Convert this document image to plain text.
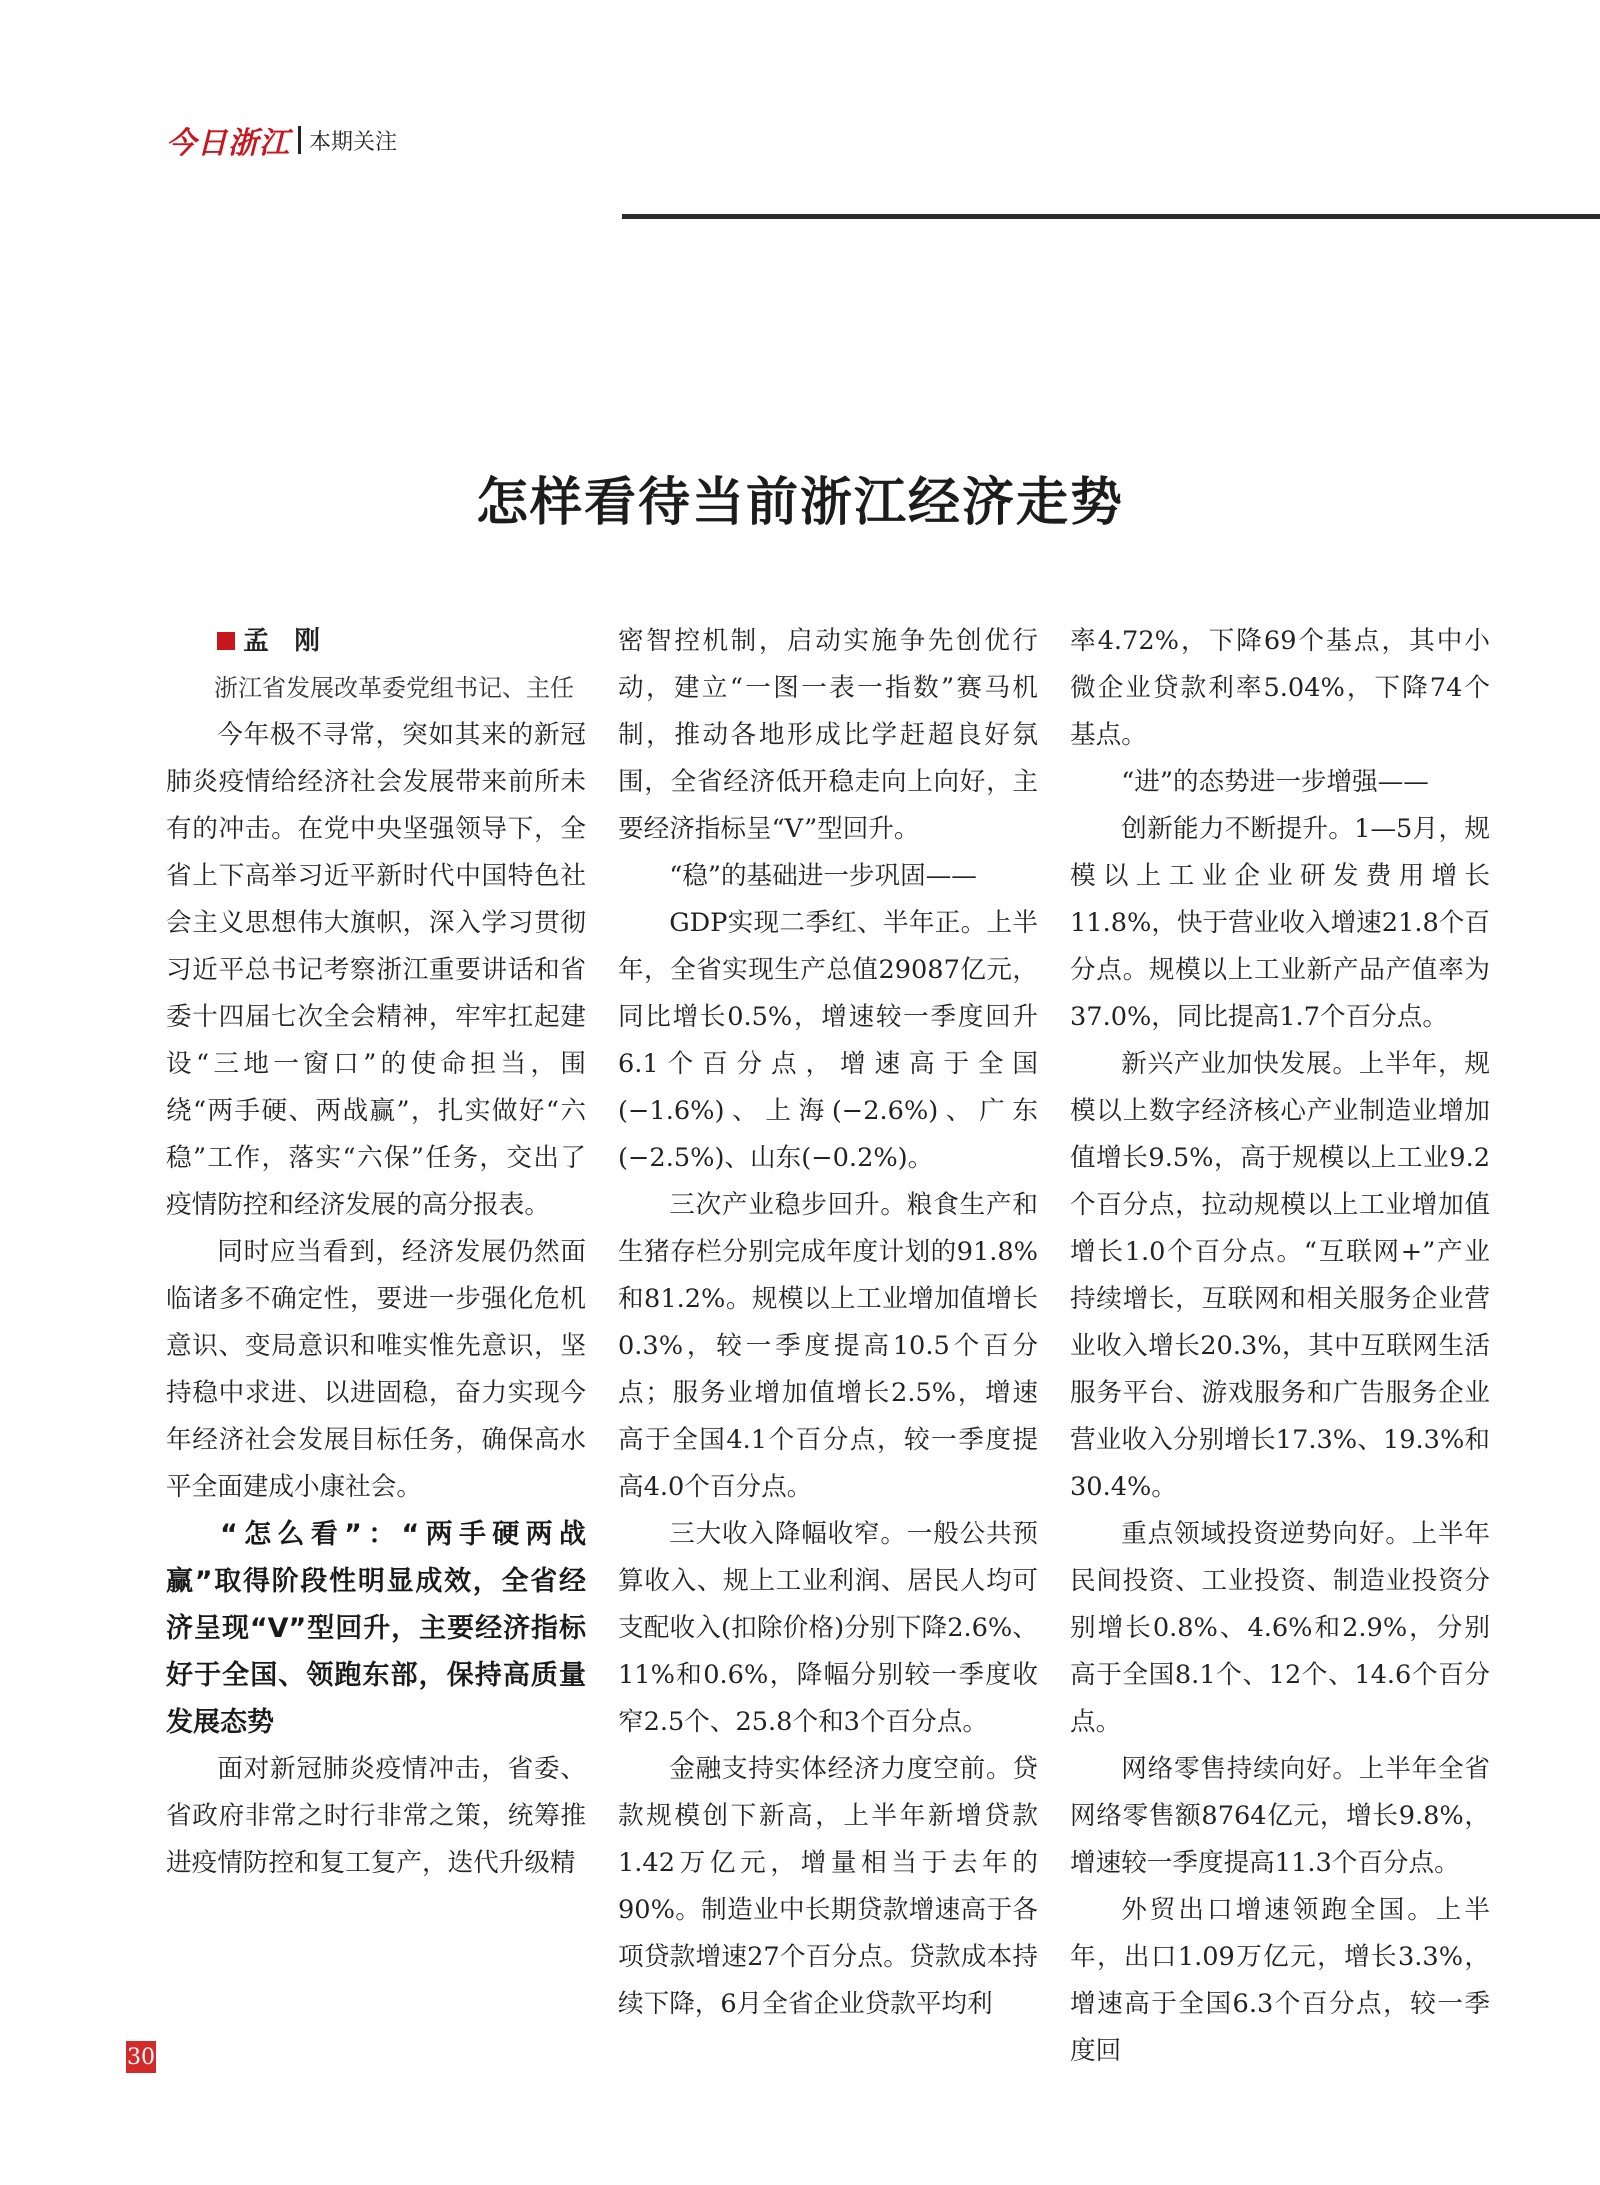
今日浙江 本期关注
怎样看待当前浙江经济走势

孟　刚

浙江省发展改革委党组书记、主任

今年极不寻常，突如其来的新冠肺炎疫情给经济社会发展带来前所未有的冲击。在党中央坚强领导下，全省上下高举习近平新时代中国特色社会主义思想伟大旗帜，深入学习贯彻习近平总书记考察浙江重要讲话和省委十四届七次全会精神，牢牢扛起建设“三地一窗口”的使命担当，围绕“两手硬、两战赢”，扎实做好“六稳”工作，落实“六保”任务，交出了疫情防控和经济发展的高分报表。

同时应当看到，经济发展仍然面临诸多不确定性，要进一步强化危机意识、变局意识和唯实惟先意识，坚持稳中求进、以进固稳，奋力实现今年经济社会发展目标任务，确保高水平全面建成小康社会。

“怎么看”：“两手硬两战赢”取得阶段性明显成效，全省经济呈现“V”型回升，主要经济指标好于全国、领跑东部，保持高质量发展态势

面对新冠肺炎疫情冲击，省委、省政府非常之时行非常之策，统筹推进疫情防控和复工复产，迭代升级精

密智控机制，启动实施争先创优行动，建立“一图一表一指数”赛马机制，推动各地形成比学赶超良好氛围，全省经济低开稳走向上向好，主要经济指标呈“V”型回升。

“稳”的基础进一步巩固——

GDP实现二季红、半年正。上半年，全省实现生产总值29087亿元，同比增长0.5%，增速较一季度回升6.1个百分点，增速高于全国(−1.6%)、上海(−2.6%)、广东(−2.5%)、山东(−0.2%)。

三次产业稳步回升。粮食生产和生猪存栏分别完成年度计划的91.8%和81.2%。规模以上工业增加值增长0.3%，较一季度提高10.5个百分点；服务业增加值增长2.5%，增速高于全国4.1个百分点，较一季度提高4.0个百分点。

三大收入降幅收窄。一般公共预算收入、规上工业利润、居民人均可支配收入(扣除价格)分别下降2.6%、11%和0.6%，降幅分别较一季度收窄2.5个、25.8个和3个百分点。

金融支持实体经济力度空前。贷款规模创下新高，上半年新增贷款1.42万亿元，增量相当于去年的90%。制造业中长期贷款增速高于各项贷款增速27个百分点。贷款成本持续下降，6月全省企业贷款平均利

率4.72%，下降69个基点，其中小微企业贷款利率5.04%，下降74个基点。

“进”的态势进一步增强——

创新能力不断提升。1—5月，规模以上工业企业研发费用增长11.8%，快于营业收入增速21.8个百分点。规模以上工业新产品产值率为37.0%，同比提高1.7个百分点。

新兴产业加快发展。上半年，规模以上数字经济核心产业制造业增加值增长9.5%，高于规模以上工业9.2个百分点，拉动规模以上工业增加值增长1.0个百分点。“互联网+”产业持续增长，互联网和相关服务企业营业收入增长20.3%，其中互联网生活服务平台、游戏服务和广告服务企业营业收入分别增长17.3%、19.3%和30.4%。

重点领域投资逆势向好。上半年民间投资、工业投资、制造业投资分别增长0.8%、4.6%和2.9%，分别高于全国8.1个、12个、14.6个百分点。

网络零售持续向好。上半年全省网络零售额8764亿元，增长9.8%，增速较一季度提高11.3个百分点。

外贸出口增速领跑全国。上半年，出口1.09万亿元，增长3.3%，增速高于全国6.3个百分点，较一季度回

30
